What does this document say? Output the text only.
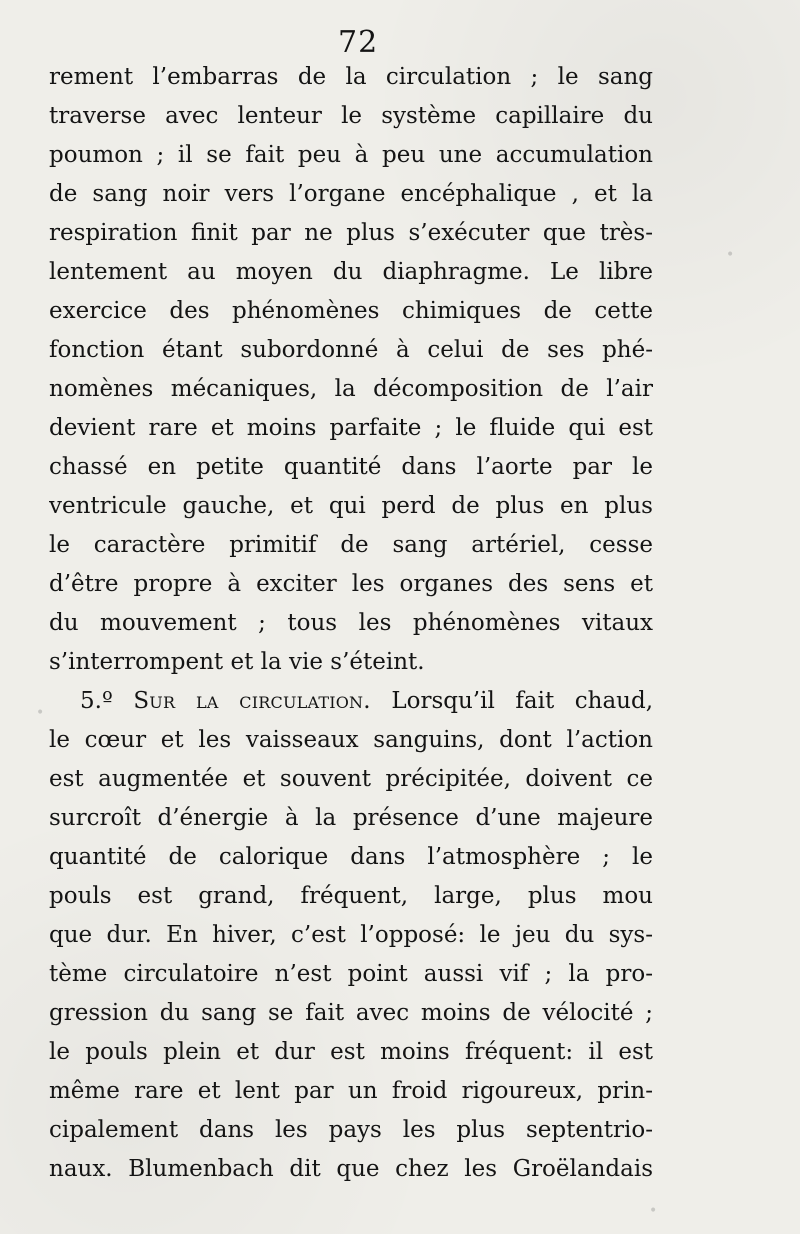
72
rement l’embarras de la circulation ; le sang
traverse avec lenteur le système capillaire du
poumon ; il se fait peu à peu une accumulation
de sang noir vers l’organe encéphalique , et la
respiration finit par ne plus s’exécuter que très-
lentement au moyen du diaphragme. Le libre
exercice des phénomènes chimiques de cette
fonction étant subordonné à celui de ses phé-
nomènes mécaniques, la décomposition de l’air
devient rare et moins parfaite ; le fluide qui est
chassé en petite quantité dans l’aorte par le
ventricule gauche, et qui perd de plus en plus
le caractère primitif de sang artériel, cesse
d’être propre à exciter les organes des sens et
du mouvement ; tous les phénomènes vitaux
s’interrompent et la vie s’éteint.
5.º Sur la circulation. Lorsqu’il fait chaud,
le cœur et les vaisseaux sanguins, dont l’action
est augmentée et souvent précipitée, doivent ce
surcroît d’énergie à la présence d’une majeure
quantité de calorique dans l’atmosphère ; le
pouls est grand, fréquent, large, plus mou
que dur. En hiver, c’est l’opposé: le jeu du sys-
tème circulatoire n’est point aussi vif ; la pro-
gression du sang se fait avec moins de vélocité ;
le pouls plein et dur est moins fréquent: il est
même rare et lent par un froid rigoureux, prin-
cipalement dans les pays les plus septentrio-
naux. Blumenbach dit que chez les Groëlandais
•
•
•
